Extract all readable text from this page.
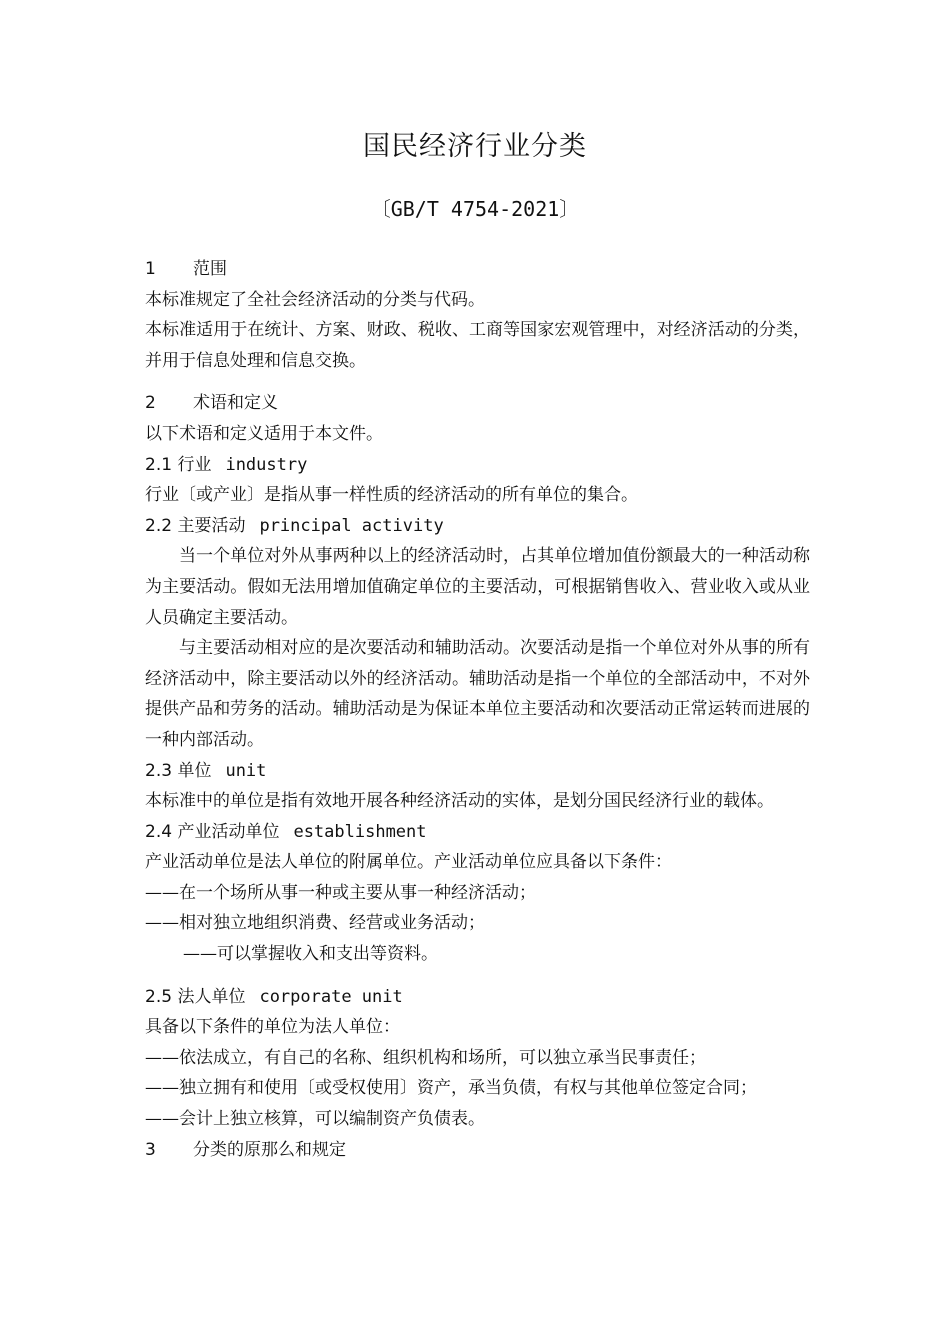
国民经济行业分类
〔GB/T 4754-2021〕
1 范围

本标准规定了全社会经济活动的分类与代码。

本标准适用于在统计、方案、财政、税收、工商等国家宏观管理中，对经济活动的分类，并用于信息处理和信息交换。

2 术语和定义

以下术语和定义适用于本文件。

2.1 行业 industry

行业〔或产业〕是指从事一样性质的经济活动的所有单位的集合。

2.2 主要活动 principal activity

当一个单位对外从事两种以上的经济活动时，占其单位增加值份额最大的一种活动称为主要活动。假如无法用增加值确定单位的主要活动，可根据销售收入、营业收入或从业人员确定主要活动。

与主要活动相对应的是次要活动和辅助活动。次要活动是指一个单位对外从事的所有经济活动中，除主要活动以外的经济活动。辅助活动是指一个单位的全部活动中，不对外提供产品和劳务的活动。辅助活动是为保证本单位主要活动和次要活动正常运转而进展的一种内部活动。

2.3 单位 unit

本标准中的单位是指有效地开展各种经济活动的实体，是划分国民经济行业的载体。

2.4 产业活动单位 establishment

产业活动单位是法人单位的附属单位。产业活动单位应具备以下条件：

——在一个场所从事一种或主要从事一种经济活动；

——相对独立地组织消费、经营或业务活动；

——可以掌握收入和支出等资料。

2.5 法人单位 corporate unit

具备以下条件的单位为法人单位：

——依法成立，有自己的名称、组织机构和场所，可以独立承当民事责任；

——独立拥有和使用〔或受权使用〕资产，承当负债，有权与其他单位签定合同；

——会计上独立核算，可以编制资产负债表。

3 分类的原那么和规定
